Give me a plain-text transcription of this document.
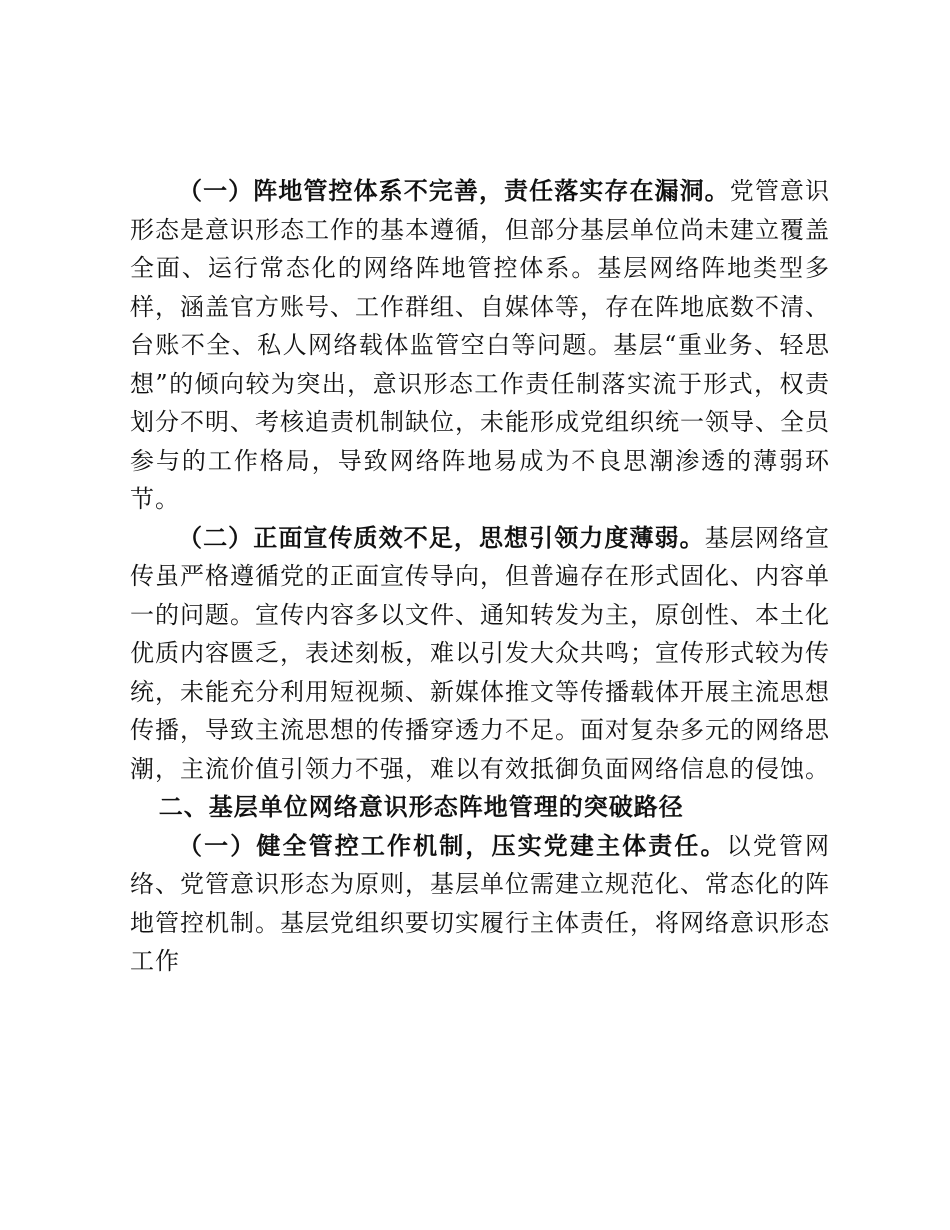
（一）阵地管控体系不完善，责任落实存在漏洞。党管意识形态是意识形态工作的基本遵循，但部分基层单位尚未建立覆盖全面、运行常态化的网络阵地管控体系。基层网络阵地类型多样，涵盖官方账号、工作群组、自媒体等，存在阵地底数不清、台账不全、私人网络载体监管空白等问题。基层“重业务、轻思想”的倾向较为突出，意识形态工作责任制落实流于形式，权责划分不明、考核追责机制缺位，未能形成党组织统一领导、全员参与的工作格局，导致网络阵地易成为不良思潮渗透的薄弱环节。

（二）正面宣传质效不足，思想引领力度薄弱。基层网络宣传虽严格遵循党的正面宣传导向，但普遍存在形式固化、内容单一的问题。宣传内容多以文件、通知转发为主，原创性、本土化优质内容匮乏，表述刻板，难以引发大众共鸣；宣传形式较为传统，未能充分利用短视频、新媒体推文等传播载体开展主流思想传播，导致主流思想的传播穿透力不足。面对复杂多元的网络思潮，主流价值引领力不强，难以有效抵御负面网络信息的侵蚀。

二、基层单位网络意识形态阵地管理的突破路径

（一）健全管控工作机制，压实党建主体责任。以党管网络、党管意识形态为原则，基层单位需建立规范化、常态化的阵地管控机制。基层党组织要切实履行主体责任，将网络意识形态工作
